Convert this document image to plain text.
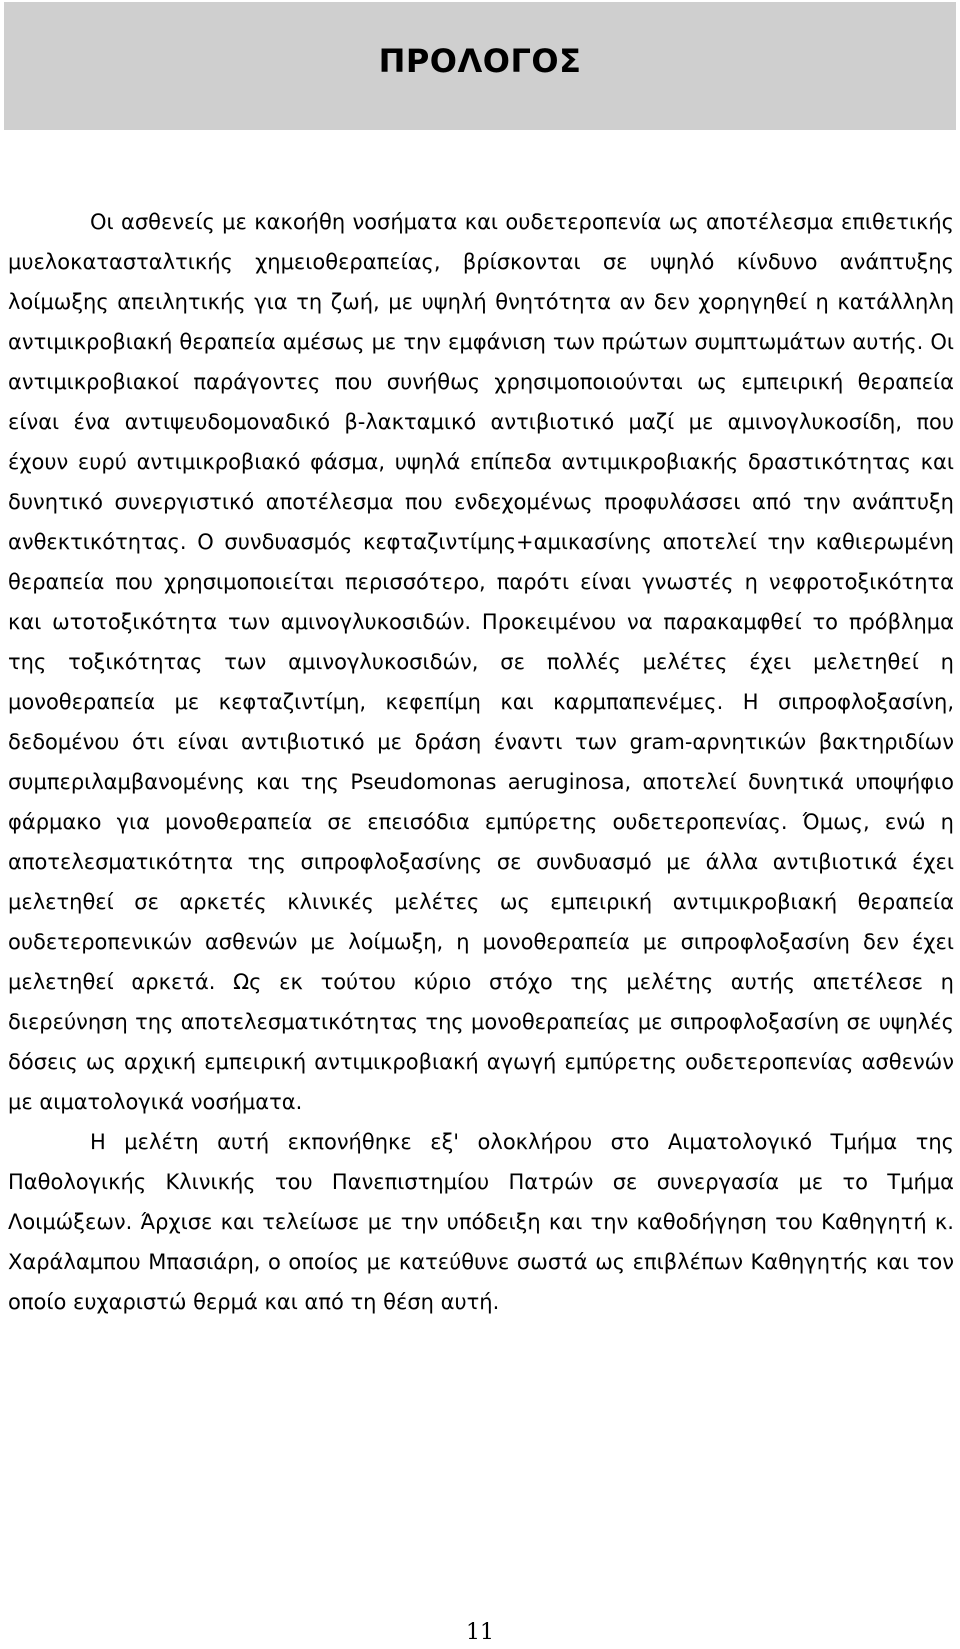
ΠΡΟΛΟΓΟΣ

Οι ασθενείς με κακοήθη νοσήματα και ουδετεροπενία ως αποτέλεσμα επιθετικής μυελοκατασταλτικής χημειοθεραπείας, βρίσκονται σε υψηλό κίνδυνο ανάπτυξης λοίμωξης απειλητικής για τη ζωή, με υψηλή θνητότητα αν δεν χορηγηθεί η κατάλληλη αντιμικροβιακή θεραπεία αμέσως με την εμφάνιση των πρώτων συμπτωμάτων αυτής. Οι αντιμικροβιακοί παράγοντες που συνήθως χρησιμοποιούνται ως εμπειρική θεραπεία είναι ένα αντιψευδομοναδικό β-λακταμικό αντιβιοτικό μαζί με αμινογλυκοσίδη, που έχουν ευρύ αντιμικροβιακό φάσμα, υψηλά επίπεδα αντιμικροβιακής δραστικότητας και δυνητικό συνεργιστικό αποτέλεσμα που ενδεχομένως προφυλάσσει από την ανάπτυξη ανθεκτικότητας. Ο συνδυασμός κεφταζιντίμης+αμικασίνης αποτελεί την καθιερωμένη θεραπεία που χρησιμοποιείται περισσότερο, παρότι είναι γνωστές η νεφροτοξικότητα και ωτοτοξικότητα των αμινογλυκοσιδών. Προκειμένου να παρακαμφθεί το πρόβλημα της τοξικότητας των αμινογλυκοσιδών, σε πολλές μελέτες έχει μελετηθεί η μονοθεραπεία με κεφταζιντίμη, κεφεπίμη και καρμπαπενέμες. Η σιπροφλοξασίνη, δεδομένου ότι είναι αντιβιοτικό με δράση έναντι των gram-αρνητικών βακτηριδίων συμπεριλαμβανομένης και της Pseudomonas aeruginosa, αποτελεί δυνητικά υποψήφιο φάρμακο για μονοθεραπεία σε επεισόδια εμπύρετης ουδετεροπενίας. Όμως, ενώ η αποτελεσματικότητα της σιπροφλοξασίνης σε συνδυασμό με άλλα αντιβιοτικά έχει μελετηθεί σε αρκετές κλινικές μελέτες ως εμπειρική αντιμικροβιακή θεραπεία ουδετεροπενικών ασθενών με λοίμωξη, η μονοθεραπεία με σιπροφλοξασίνη δεν έχει μελετηθεί αρκετά. Ως εκ τούτου κύριο στόχο της μελέτης αυτής απετέλεσε η διερεύνηση της αποτελεσματικότητας της μονοθεραπείας με σιπροφλοξασίνη σε υψηλές δόσεις ως αρχική εμπειρική αντιμικροβιακή αγωγή εμπύρετης ουδετεροπενίας ασθενών με αιματολογικά νοσήματα.

Η μελέτη αυτή εκπονήθηκε εξ' ολοκλήρου στο Αιματολογικό Τμήμα της Παθολογικής Κλινικής του Πανεπιστημίου Πατρών σε συνεργασία με το Τμήμα Λοιμώξεων. Άρχισε και τελείωσε με την υπόδειξη και την καθοδήγηση του Καθηγητή κ. Χαράλαμπου Μπασιάρη, ο οποίος με κατεύθυνε σωστά ως επιβλέπων Καθηγητής και τον οποίο ευχαριστώ θερμά και από τη θέση αυτή.

11
